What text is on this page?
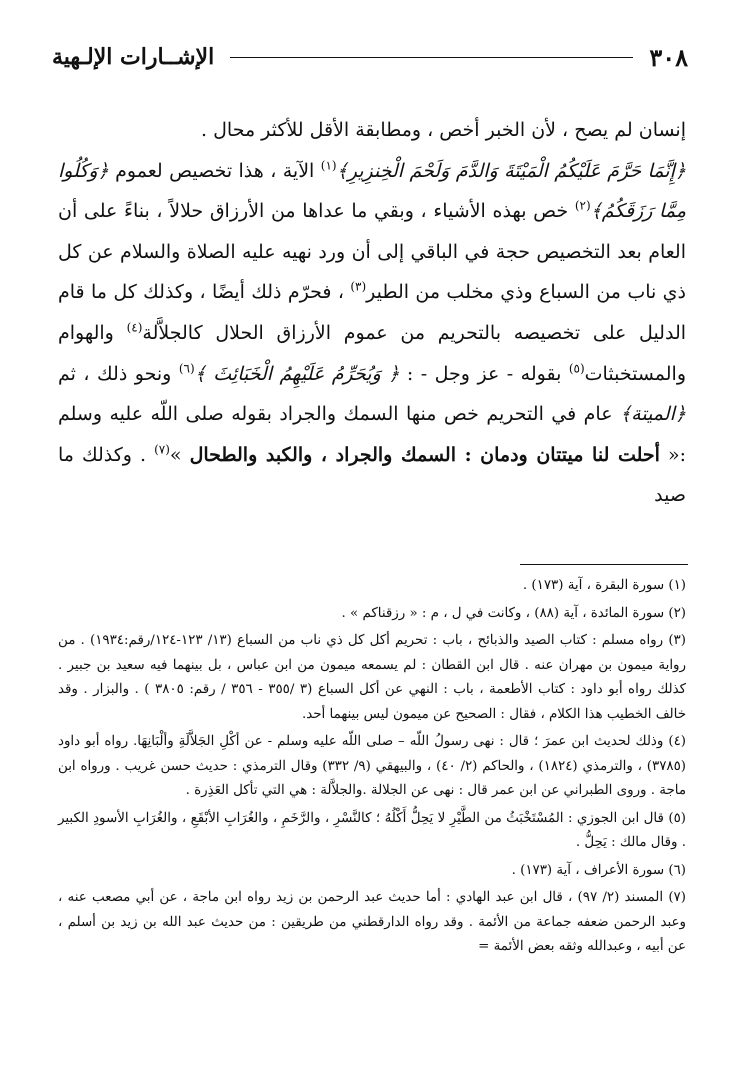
٣٠٨
الإشــارات الإلـهية

إنسان لم يصح ، لأن الخبر أخص ، ومطابقة الأقل للأكثر محال .

﴿إِنَّمَا حَرَّمَ عَلَيْكُمُ الْمَيْتَةَ وَالدَّمَ وَلَحْمَ الْخِنزِيرِ﴾$^{(١)}$ الآية ، هذا تخصيص لعموم ﴿وَكُلُوا مِمَّا رَزَقَكُمُ﴾$^{(٢)}$ خص بهذه الأشياء ، وبقي ما عداها من الأرزاق حلالاً ، بناءً على أن العام بعد التخصيص حجة في الباقي إلى أن ورد نهيه عليه الصلاة والسلام عن كل ذي ناب من السباع وذي مخلب من الطير$^{(٣)}$ ، فحرّم ذلك أيضًا ، وكذلك كل ما قام الدليل على تخصيصه بالتحريم من عموم الأرزاق الحلال كالجلاَّلة$^{(٤)}$ والهوام والمستخبثات$^{(٥)}$ بقوله - عز وجل - : ﴿ وَيُحَرِّمُ عَلَيْهِمُ الْخَبَائِثَ ﴾$^{(٦)}$ ونحو ذلك ، ثم ﴿الميتة﴾ عام في التحريم خص منها السمك والجراد بقوله صلى اللّه عليه وسلم :« أحلت لنا ميتتان ودمان : السمك والجراد ، والكبد والطحال »$^{(٧)}$ . وكذلك ما صيد

(١) سورة البقرة ، آية (١٧٣) .

(٢) سورة المائدة ، آية (٨٨) ، وكانت في ل ، م : « رزقناكم » .

(٣) رواه مسلم : كتاب الصيد والذبائح ، باب : تحريم أكل كل ذي ناب من السباع (١٣/ ١٢٣-١٢٤/رقم:١٩٣٤) . من رواية ميمون بن مهران عنه . قال ابن القطان : لم يسمعه ميمون من ابن عباس ، بل بينهما فيه سعيد بن جبير . كذلك رواه أبو داود : كتاب الأطعمة ، باب : النهي عن أكل السباع (٣ /٣٥٥ - ٣٥٦ / رقم: ٣٨٠٥ ) . والبزار . وقد خالف الخطيب هذا الكلام ، فقال : الصحيح عن ميمون ليس بينهما أحد.

(٤) وذلك لحديث ابن عمرَ ؛ قال : نهى رسولُ اللّه – صلى اللّه عليه وسلم - عن أكْلِ الجَلاَّلَةِ وألْبَانِهَا. رواه أبو داود (٣٧٨٥) ، والترمذي (١٨٢٤) ، والحاكم (٢/ ٤٠) ، والبيهقي (٩/ ٣٣٢) وقال الترمذي : حديث حسن غريب . ورواه ابن ماجة . وروى الطبراني عن ابن عمر قال : نهى عن الجلالة .والجلاَّلة : هي التي تأكل العَذِرة .

(٥) قال ابن الجوزي : المُسْتَخْبَثُ من الطَّيْرِ لا يَحِلُّ أَكْلُهُ ؛ كالنَّسْرِ ، والرَّخَمِ ، والغُرَابِ الأبْقَعِ ، والغُرَابِ الأسودِ الكبير . وقال مالك : يَحِلُّ .

(٦) سورة الأعراف ، آية (١٧٣) .

(٧) المسند (٢/ ٩٧) ، قال ابن عبد الهادي : أما حديث عبد الرحمن بن زيد رواه ابن ماجة ، عن أبي مصعب عنه ، وعبد الرحمن ضعفه جماعة من الأئمة . وقد رواه الدارقطني من طريقين : من حديث عبد الله بن زيد بن أسلم ، عن أبيه ، وعبدالله وثقه بعض الأئمة =
